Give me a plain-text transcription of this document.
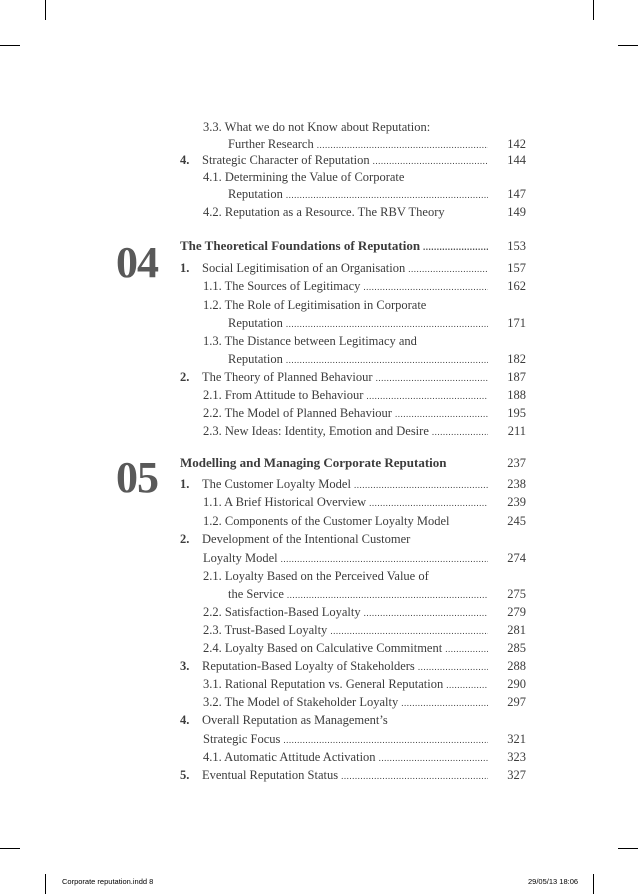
04
05
3.3. What we do not Know about Reputation:
Further Research .....	142
4.	Strategic Character of Reputation .....	144
4.1. Determining the Value of Corporate
Reputation .....	147
4.2. Reputation as a Resource. The RBV Theory	149
The Theoretical Foundations of Reputation .....	153
1.	Social Legitimisation of an Organisation .....	157
1.1. The Sources of Legitimacy .....	162
1.2. The Role of Legitimisation in Corporate
Reputation .....	171
1.3. The Distance between Legitimacy and
Reputation .....	182
2.	The Theory of Planned Behaviour .....	187
2.1. From Attitude to Behaviour .....	188
2.2. The Model of Planned Behaviour .....	195
2.3. New Ideas: Identity, Emotion and Desire .....	211
Modelling and Managing Corporate Reputation	237
1.	The Customer Loyalty Model .....	238
1.1. A Brief Historical Overview .....	239
1.2. Components of the Customer Loyalty Model	245
2. Development of the Intentional Customer
Loyalty Model .....	274
2.1. Loyalty Based on the Perceived Value of
the Service .....	275
2.2. Satisfaction-Based Loyalty .....	279
2.3. Trust-Based Loyalty .....	281
2.4. Loyalty Based on Calculative Commitment .....	285
3.	Reputation-Based Loyalty of Stakeholders .....	288
3.1. Rational Reputation vs. General Reputation .....	290
3.2. The Model of Stakeholder Loyalty .....	297
4. Overall Reputation as Management’s
Strategic Focus .....	321
4.1. Automatic Attitude Activation .....	323
5.	Eventual Reputation Status .....	327
Corporate reputation.indd 8	29/05/13 18:06
